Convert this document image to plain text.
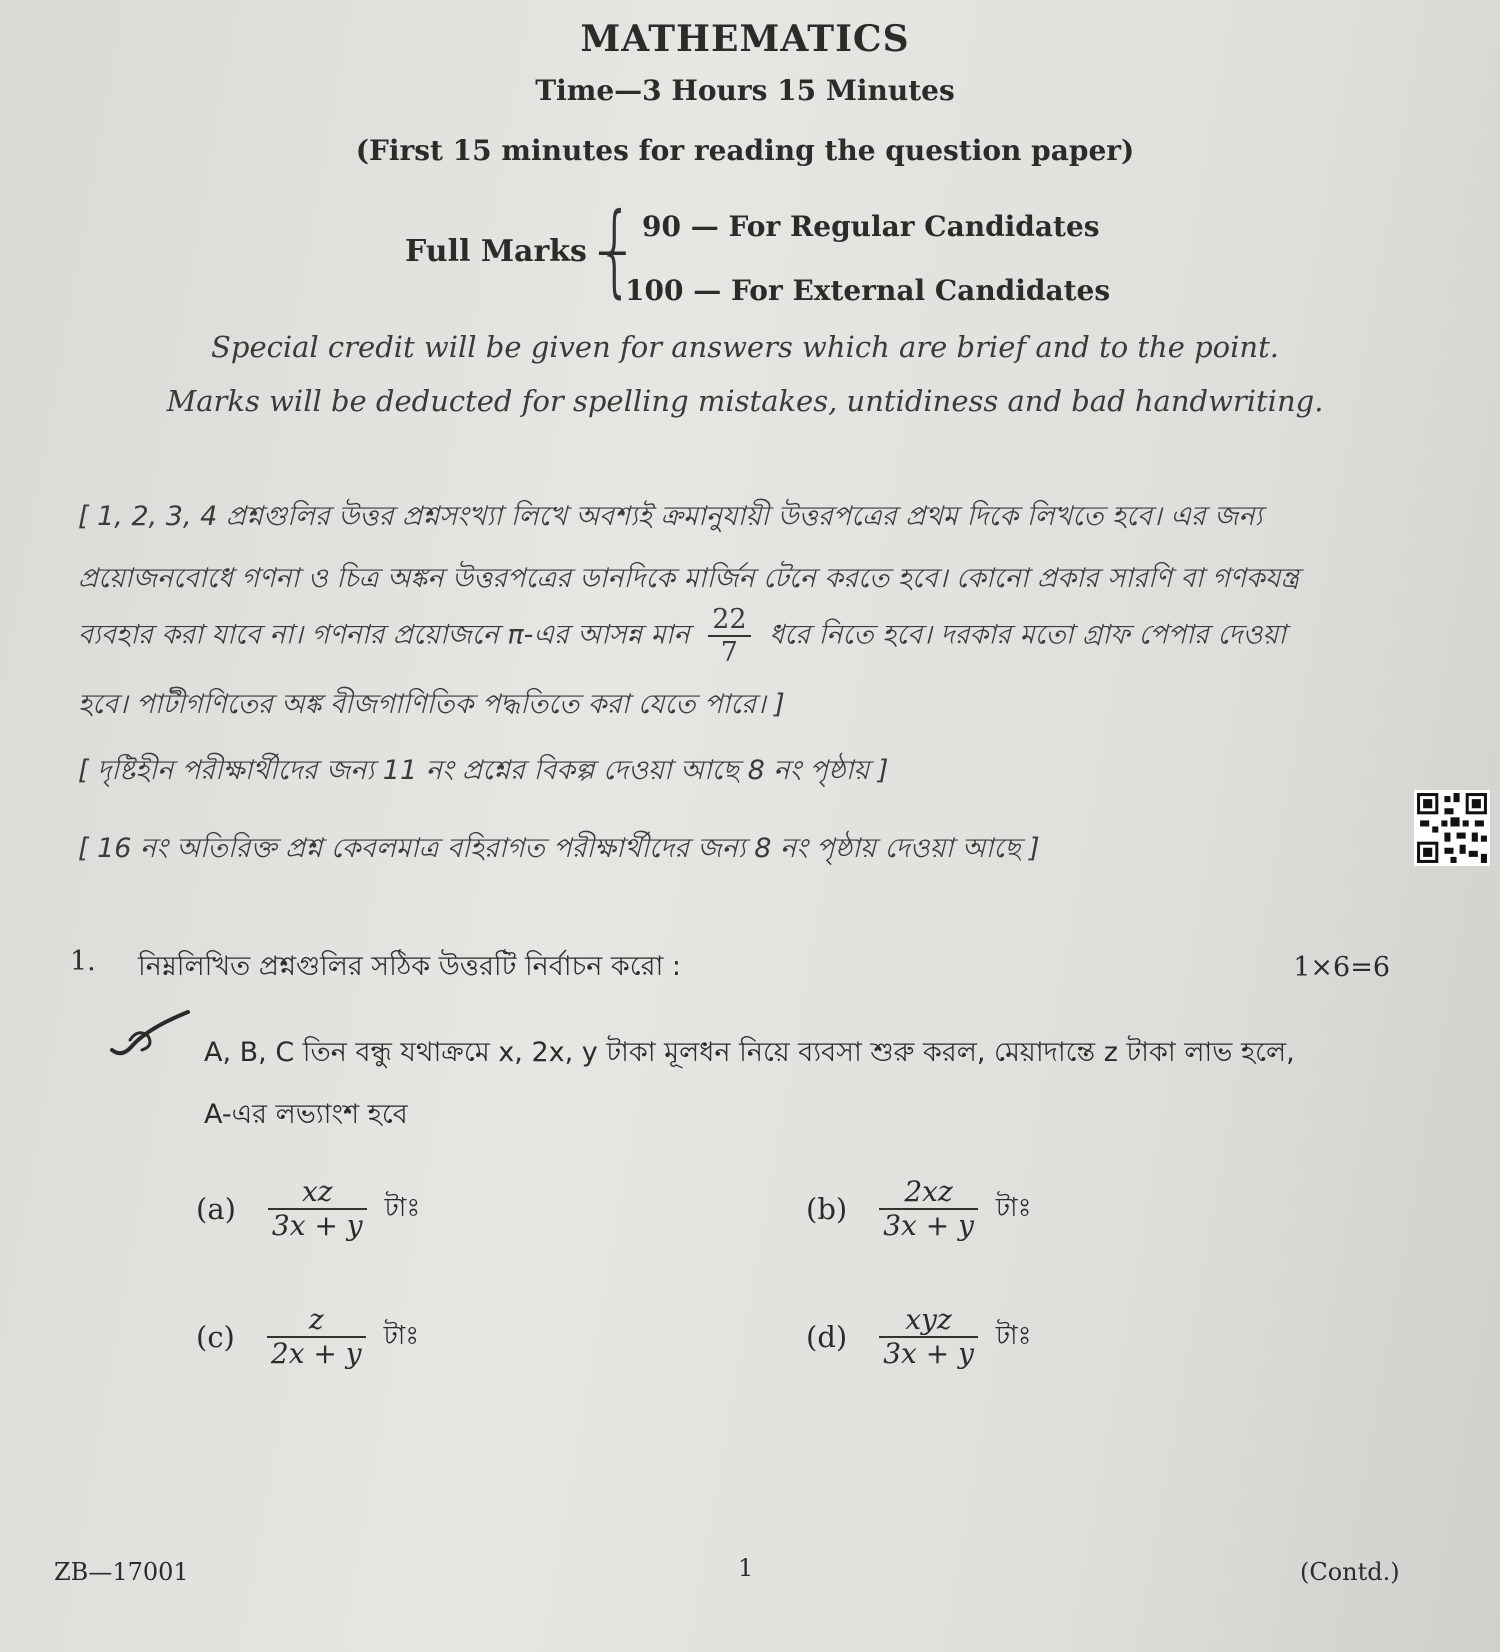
MATHEMATICS
Time—3 Hours 15 Minutes
(First 15 minutes for reading the question paper)
Full Marks —
{ 90 — For Regular Candidates
100 — For External Candidates
Special credit will be given for answers which are brief and to the point.
Marks will be deducted for spelling mistakes, untidiness and bad handwriting.
[ 1, 2, 3, 4 প্রশ্নগুলির উত্তর প্রশ্নসংখ্যা লিখে অবশ্যই ক্রমানুযায়ী উত্তরপত্রের প্রথম দিকে লিখতে হবে। এর জন্য
প্রয়োজনবোধে গণনা ও চিত্র অঙ্কন উত্তরপত্রের ডানদিকে মার্জিন টেনে করতে হবে। কোনো প্রকার সারণি বা গণকযন্ত্র
ব্যবহার করা যাবে না। গণনার প্রয়োজনে π-এর আসন্ন মান $\frac{22}{7}$ ধরে নিতে হবে। দরকার মতো গ্রাফ পেপার দেওয়া
হবে। পাটীগণিতের অঙ্ক বীজগাণিতিক পদ্ধতিতে করা যেতে পারে। ]
[ দৃষ্টিহীন পরীক্ষার্থীদের জন্য 11 নং প্রশ্নের বিকল্প দেওয়া আছে 8 নং পৃষ্ঠায় ]
[ 16 নং অতিরিক্ত প্রশ্ন কেবলমাত্র বহিরাগত পরীক্ষার্থীদের জন্য 8 নং পৃষ্ঠায় দেওয়া আছে ]
1. নিম্নলিখিত প্রশ্নগুলির সঠিক উত্তরটি নির্বাচন করো :	1×6=6
A, B, C তিন বন্ধু যথাক্রমে x, 2x, y টাকা মূলধন নিয়ে ব্যবসা শুরু করল, মেয়াদান্তে z টাকা লাভ হলে,
A-এর লভ্যাংশ হবে
$(a) \frac{xz}{3x + y}$ টাঃ	$(b) \frac{2xz}{3x + y}$ টাঃ
$(c) \frac{z}{2x + y}$ টাঃ	$(d) \frac{\text{xyz}}{3x + y}$ টাঃ
ZB—17001	1	(Contd.)
